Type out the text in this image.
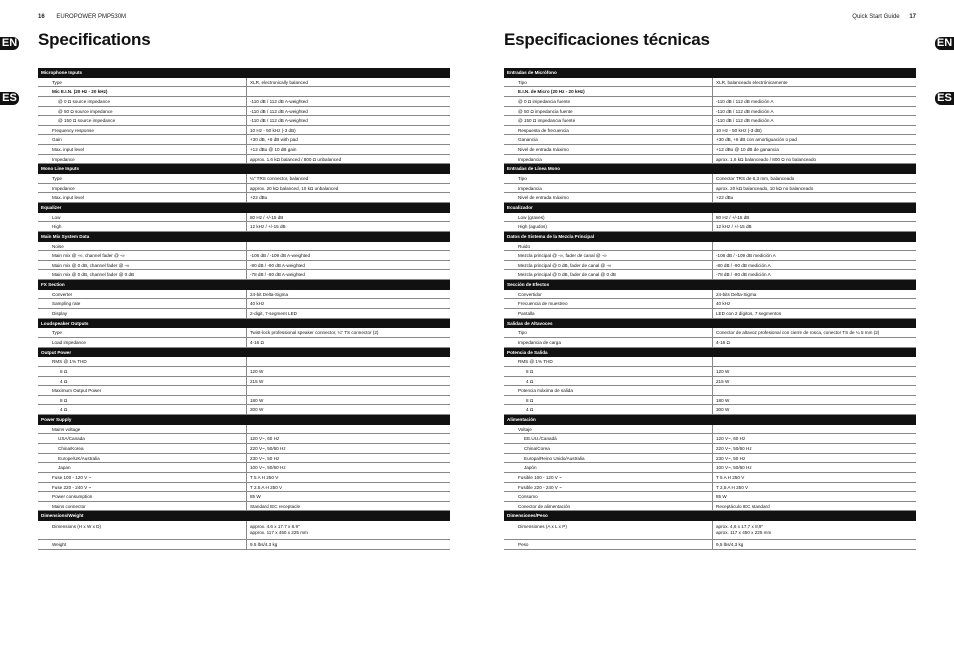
16 EUROPOWER PMP530M
EN
ES
Specifications
Microphone Inputs
Type	XLR, electronically balanced
Mic E.I.N. (20 Hz - 20 kHz)
@ 0 Ω source impedance	-110 dB / 112 dB A-weighted
@ 50 Ω source impedance	-110 dB / 112 dB A-weighted
@ 150 Ω source impedance	-110 dB / 112 dB A-weighted
Frequency response	10 Hz - 50 kHz (-3 dB)
Gain	+30 dB, +8 dB with pad
Max. input level	+12 dBu @ 10 dB gain
Impedance	approx. 1.6 kΩ balanced / 800 Ω unbalanced
Mono Line Inputs
Type	¼" TRS connector, balanced
Impedance	approx. 20 kΩ balanced, 10 kΩ unbalanced
Max. input level	+22 dBu
Equalizer
Low	80 Hz / +/-15 dB
High	12 kHz / +/-15 dB
Main Mix System Data
Noise
Main mix @ -∞, channel fader @ -∞	-106 dB / -109 dB A-weighted
Main mix @ 0 dB, channel fader @ -∞	-80 dB / -90 dB A-weighted
Main mix @ 0 dB, channel fader @ 0 dB	-78 dB / -80 dB A-weighted
FX Section
Converter	24-bit Delta-Sigma
Sampling rate	40 kHz
Display	2-digit, 7-segment LED
Loudspeaker Outputs
Type	Twist-lock professional speaker connector, ¼" TS connector (2)
Load impedance	4-16 Ω
Output Power
RMS @ 1% THD
8 Ω	120 W
4 Ω	215 W
Maximum Output Power
8 Ω	180 W
4 Ω	300 W
Power Supply
Mains voltage
USA/Canada	120 V~, 60 Hz
China/Korea	220 V~, 50/60 Hz
Europe/UK/Australia	230 V~, 50 Hz
Japan	100 V~, 50/60 Hz
Fuse 100 - 120 V ~	T 5 A H 250 V
Fuse 220 - 240 V ~	T 2.5 A H 250 V
Power consumption	85 W
Mains connector	Standard IEC receptacle
Dimensions/Weight
Dimensions (H x W x D)	approx. 4.6 x 17.7 x 8.9"
approx. 117 x 450 x 225 mm
Weight	9.5 lbs/4.3 kg
Quick Start Guide 17
EN
ES
Especificaciones técnicas
Entradas de Micrófono
Tipo	XLR, balanceado electrónicamente
E.I.N. de Micro (20 Hz - 20 kHz)
@ 0 Ω impedancia fuente	-110 dB / 112 dB medición A
@ 50 Ω impedancia fuente	-110 dB / 112 dB medición A
@ 150 Ω impedancia fuente	-110 dB / 112 dB medición A
Respuesta de frecuencia	10 Hz - 50 kHz (-3 dB)
Ganancia	+30 dB, +8 dB con amortiguación o pad
Nivel de entrada máximo	+12 dBu @ 10 dB de ganancia
Impedancia	aprox. 1,6 kΩ balanceado / 800 Ω no balanceado
Entradas de Línea Mono
Tipo	Conector TRS de 6,3 mm, balanceado
Impedancia	aprox. 20 kΩ balanceado, 10 kΩ no balanceado
Nivel de entrada máximo	+22 dBu
Ecualizador
Low (graves)	80 Hz / +/-15 dB
High (agudos)	12 kHz / +/-15 dB
Datos de Sistema de la Mezcla Principal
Ruido
Mezcla principal @ -∞, fader de canal @ -∞	-106 dB / -109 dB medición A
Mezcla principal @ 0 dB, fader de canal @ -∞	-80 dB / -90 dB medición A
Mezcla principal @ 0 dB, fader de canal @ 0 dB	-78 dB / -80 dB medición A
Sección de Efectos
Convertidor	24-bits Delta-Sigma
Frecuencia de muestreo	40 kHz
Pantalla	LED con 2 dígitos, 7 segmentos
Salidas de Altavoces
Tipo	Conector de altavoz profesional con cierre de rosca, conector TS de ¼ 5 mm (2)
Impedancia de carga	4-16 Ω
Potencia de Salida
RMS @ 1% THD
8 Ω	120 W
4 Ω	215 W
Potencia máxima de salida
8 Ω	180 W
4 Ω	300 W
Alimentación
Voltaje
EE.UU./Canadá	120 V~, 60 Hz
China/Corea	220 V~, 50/60 Hz
Europa/Reino Unido/Australia	230 V~, 50 Hz
Japón	100 V~, 50/60 Hz
Fusible 100 - 120 V ~	T 5 A H 250 V
Fusible 220 - 240 V ~	T 2,5 A H 250 V
Consumo	85 W
Conector de alimentación	Receptáculo IEC standard
Dimensiones/Peso
Dimensiones (A x L x P)	aprox. 4,6 x 17,7 x 8,9"
aprox. 117 x 450 x 225 mm
Peso	9,5 lbs/4,3 kg
